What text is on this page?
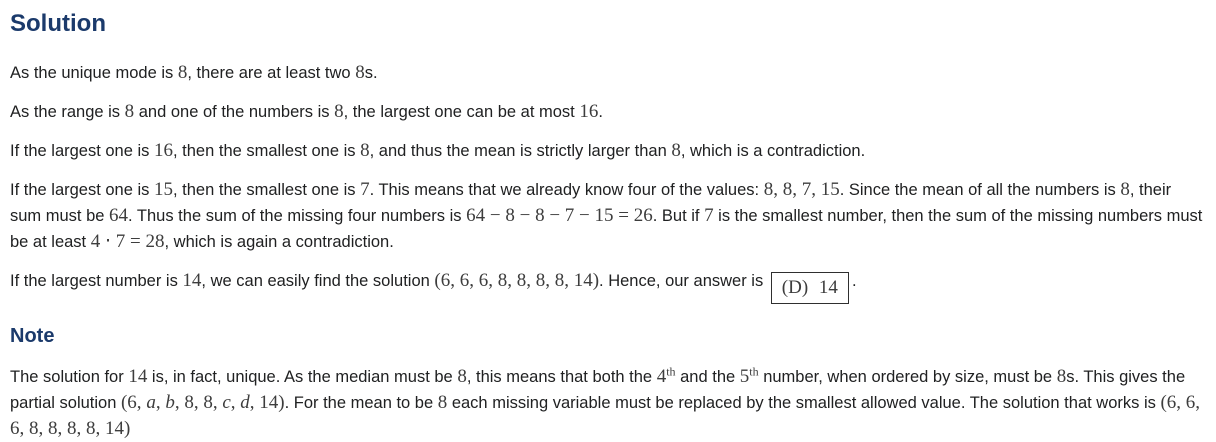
Solution

As the unique mode is 8, there are at least two 8s.

As the range is 8 and one of the numbers is 8, the largest one can be at most 16.

If the largest one is 16, then the smallest one is 8, and thus the mean is strictly larger than 8, which is a contradiction.

If the largest one is 15, then the smallest one is 7. This means that we already know four of the values: 8, 8, 7, 15. Since the mean of all the numbers is 8, their sum must be 64. Thus the sum of the missing four numbers is 64 − 8 − 8 − 7 − 15 = 26. But if 7 is the smallest number, then the sum of the missing numbers must be at least 4 ⋅ 7 = 28, which is again a contradiction.

If the largest number is 14, we can easily find the solution (6, 6, 6, 8, 8, 8, 8, 14). Hence, our answer is (D) 14 .

Note

The solution for 14 is, in fact, unique. As the median must be 8, this means that both the 4th and the 5th number, when ordered by size, must be 8s. This gives the partial solution (6, a, b, 8, 8, c, d, 14). For the mean to be 8 each missing variable must be replaced by the smallest allowed value. The solution that works is (6, 6, 6, 8, 8, 8, 8, 14)
